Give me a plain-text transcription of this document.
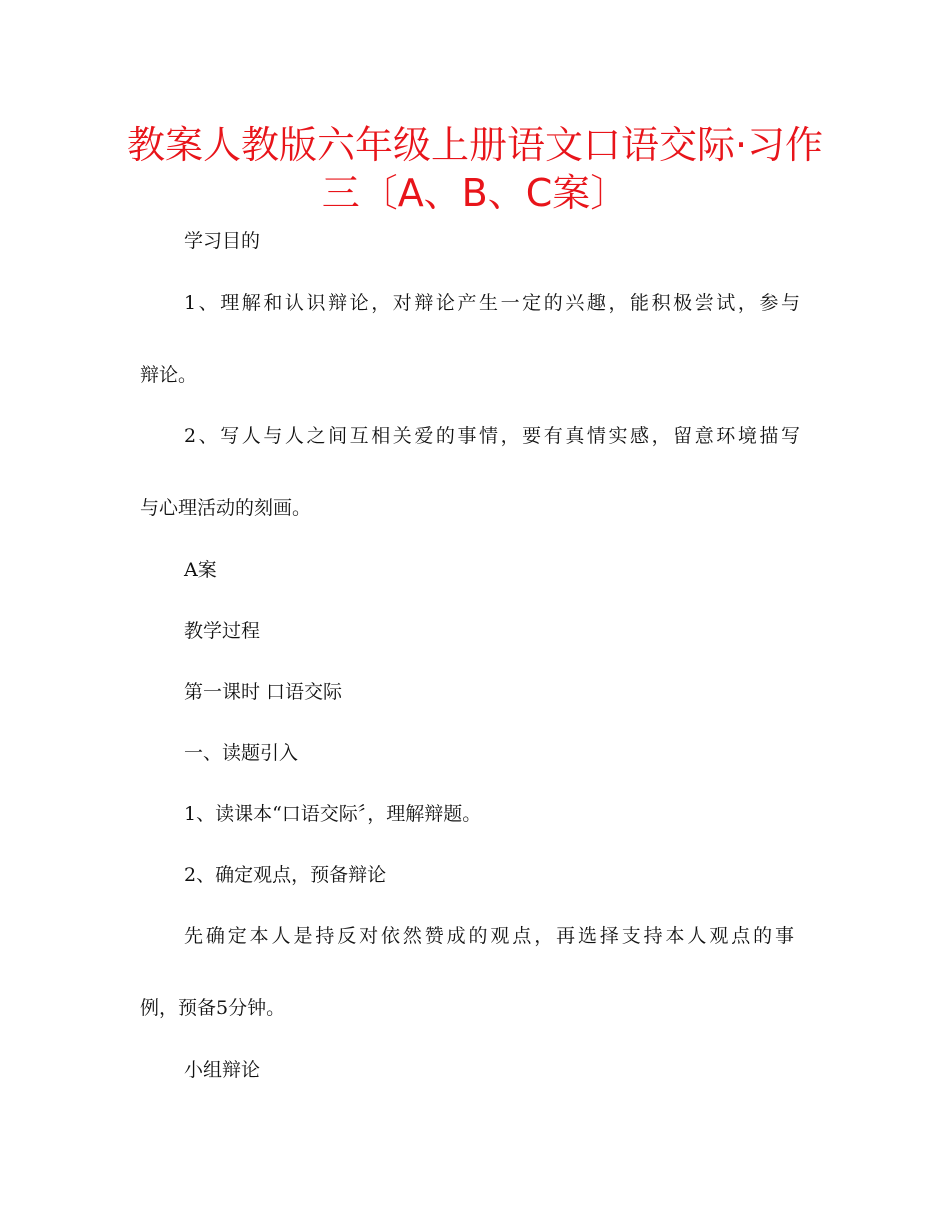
教案人教版六年级上册语文口语交际·习作
三〔A、B、C案〕

学习目的

1、理解和认识辩论，对辩论产生一定的兴趣，能积极尝试，参与

辩论。

2、写人与人之间互相关爱的事情，要有真情实感，留意环境描写

与心理活动的刻画。

A案

教学过程

第一课时 口语交际

一、读题引入

1、读课本“口语交际〞，理解辩题。

2、确定观点，预备辩论

先确定本人是持反对依然赞成的观点，再选择支持本人观点的事

例，预备5分钟。

小组辩论
